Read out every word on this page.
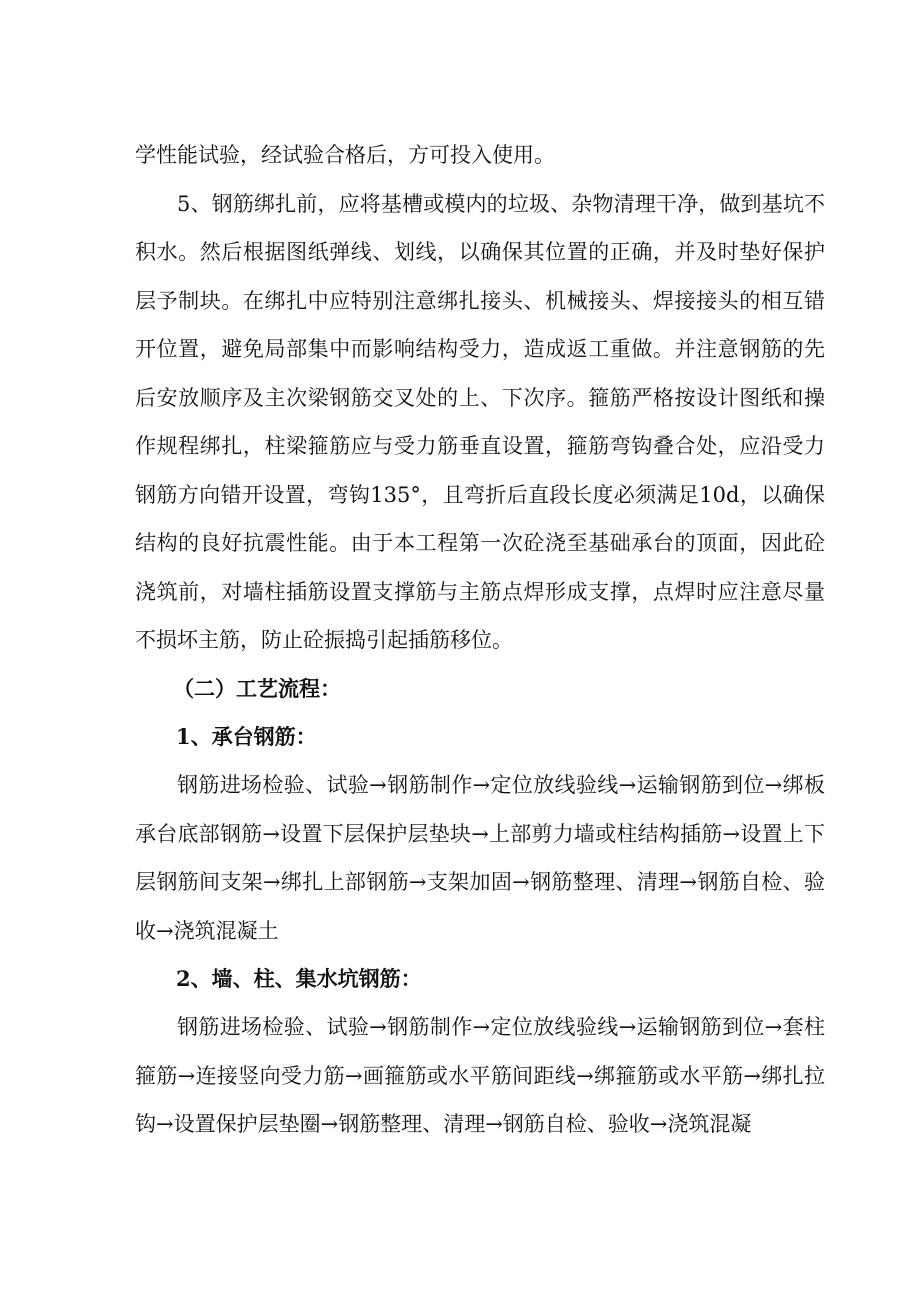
学性能试验，经试验合格后，方可投入使用。

5、钢筋绑扎前，应将基槽或模内的垃圾、杂物清理干净，做到基坑不积水。然后根据图纸弹线、划线，以确保其位置的正确，并及时垫好保护层予制块。在绑扎中应特别注意绑扎接头、机械接头、焊接接头的相互错开位置，避免局部集中而影响结构受力，造成返工重做。并注意钢筋的先后安放顺序及主次梁钢筋交叉处的上、下次序。箍筋严格按设计图纸和操作规程绑扎，柱梁箍筋应与受力筋垂直设置，箍筋弯钩叠合处，应沿受力钢筋方向错开设置，弯钩135°，且弯折后直段长度必须满足10d，以确保结构的良好抗震性能。由于本工程第一次砼浇至基础承台的顶面，因此砼浇筑前，对墙柱插筋设置支撑筋与主筋点焊形成支撑，点焊时应注意尽量不损坏主筋，防止砼振捣引起插筋移位。

（二）工艺流程：

1、承台钢筋：

钢筋进场检验、试验→钢筋制作→定位放线验线→运输钢筋到位→绑板承台底部钢筋→设置下层保护层垫块→上部剪力墙或柱结构插筋→设置上下层钢筋间支架→绑扎上部钢筋→支架加固→钢筋整理、清理→钢筋自检、验收→浇筑混凝土

2、墙、柱、集水坑钢筋：

钢筋进场检验、试验→钢筋制作→定位放线验线→运输钢筋到位→套柱箍筋→连接竖向受力筋→画箍筋或水平筋间距线→绑箍筋或水平筋→绑扎拉钩→设置保护层垫圈→钢筋整理、清理→钢筋自检、验收→浇筑混凝
